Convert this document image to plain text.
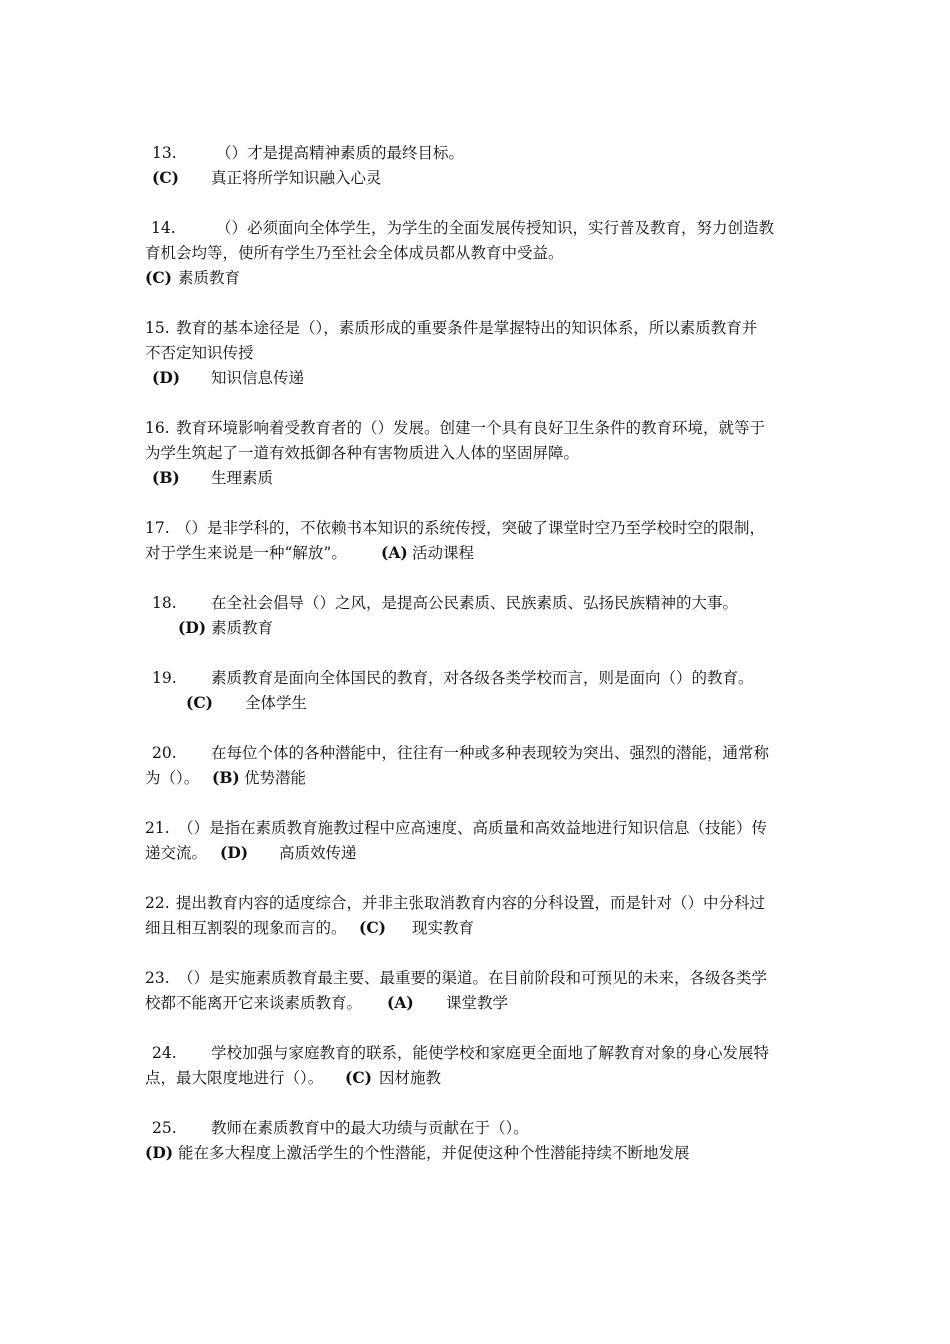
13.	（）才是提高精神素质的最终目标。
(C) 真正将所学知识融入心灵
14.	（）必须面向全体学生，为学生的全面发展传授知识，实行普及教育，努力创造教
育机会均等，使所有学生乃至社会全体成员都从教育中受益。
(C) 素质教育
15. 教育的基本途径是（），素质形成的重要条件是掌握特出的知识体系，所以素质教育并
不否定知识传授
(D) 知识信息传递
16. 教育环境影响着受教育者的（）发展。创建一个具有良好卫生条件的教育环境，就等于
为学生筑起了一道有效抵御各种有害物质进入人体的坚固屏障。
(B) 生理素质
17. （）是非学科的，不依赖书本知识的系统传授，突破了课堂时空乃至学校时空的限制，
对于学生来说是一种“解放”。 (A) 活动课程
18. 在全社会倡导（）之风，是提高公民素质、民族素质、弘扬民族精神的大事。
(D) 素质教育
19. 素质教育是面向全体国民的教育，对各级各类学校而言，则是面向（）的教育。
(C) 全体学生
20. 在每位个体的各种潜能中，往往有一种或多种表现较为突出、强烈的潜能，通常称
为（）。 (B) 优势潜能
21. （）是指在素质教育施教过程中应高速度、高质量和高效益地进行知识信息（技能）传
递交流。 (D) 高质效传递
22. 提出教育内容的适度综合，并非主张取消教育内容的分科设置，而是针对（）中分科过
细且相互割裂的现象而言的。 (C) 现实教育
23. （）是实施素质教育最主要、最重要的渠道。在目前阶段和可预见的未来，各级各类学
校都不能离开它来谈素质教育。 (A) 课堂教学
24. 学校加强与家庭教育的联系，能使学校和家庭更全面地了解教育对象的身心发展特
点，最大限度地进行（）。 (C) 因材施教
25. 教师在素质教育中的最大功绩与贡献在于（）。
(D) 能在多大程度上激活学生的个性潜能，并促使这种个性潜能持续不断地发展
